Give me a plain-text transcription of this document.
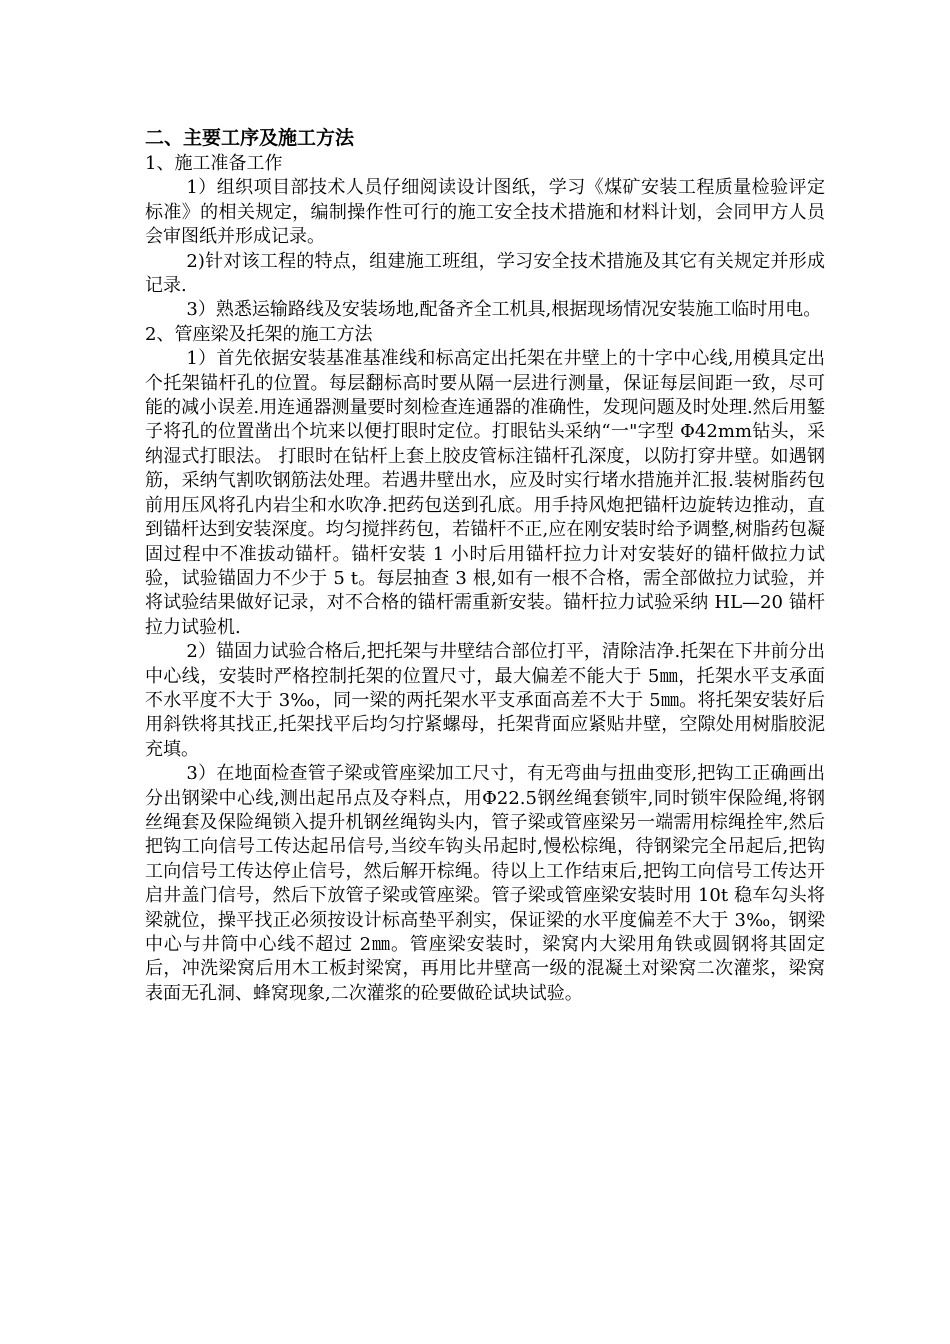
二、主要工序及施工方法

1、施工准备工作

1）组织项目部技术人员仔细阅读设计图纸，学习《煤矿安装工程质量检验评定标准》的相关规定，编制操作性可行的施工安全技术措施和材料计划，会同甲方人员会审图纸并形成记录。

2)针对该工程的特点，组建施工班组，学习安全技术措施及其它有关规定并形成记录.

3）熟悉运输路线及安装场地,配备齐全工机具,根据现场情况安装施工临时用电。

2、管座梁及托架的施工方法

1）首先依据安装基准基准线和标高定出托架在井壁上的十字中心线,用模具定出个托架锚杆孔的位置。每层翻标高时要从隔一层进行测量，保证每层间距一致，尽可能的减小误差.用连通器测量要时刻检查连通器的准确性，发现问题及时处理.然后用錾子将孔的位置凿出个坑来以便打眼时定位。打眼钻头采纳“一"字型 Φ42mm钻头，采纳湿式打眼法。 打眼时在钻杆上套上胶皮管标注锚杆孔深度，以防打穿井壁。如遇钢筋，采纳气割吹钢筋法处理。若遇井壁出水，应及时实行堵水措施并汇报.装树脂药包前用压风将孔内岩尘和水吹净.把药包送到孔底。用手持风炮把锚杆边旋转边推动，直到锚杆达到安装深度。均匀搅拌药包，若锚杆不正,应在刚安装时给予调整,树脂药包凝固过程中不准拔动锚杆。锚杆安装 1 小时后用锚杆拉力计对安装好的锚杆做拉力试验，试验锚固力不少于 5 t。每层抽查 3 根,如有一根不合格，需全部做拉力试验，并将试验结果做好记录，对不合格的锚杆需重新安装。锚杆拉力试验采纳 HL—20 锚杆拉力试验机.

2）锚固力试验合格后,把托架与井壁结合部位打平，清除洁净.托架在下井前分出中心线，安装时严格控制托架的位置尺寸，最大偏差不能大于 5㎜，托架水平支承面不水平度不大于 3‰，同一梁的两托架水平支承面高差不大于 5㎜。将托架安装好后用斜铁将其找正,托架找平后均匀拧紧螺母，托架背面应紧贴井壁，空隙处用树脂胶泥充填。

3）在地面检查管子梁或管座梁加工尺寸，有无弯曲与扭曲变形,把钩工正确画出分出钢梁中心线,测出起吊点及夺料点，用Φ22.5钢丝绳套锁牢,同时锁牢保险绳,将钢丝绳套及保险绳锁入提升机钢丝绳钩头内，管子梁或管座梁另一端需用棕绳拴牢,然后把钩工向信号工传达起吊信号,当绞车钩头吊起时,慢松棕绳，待钢梁完全吊起后,把钩工向信号工传达停止信号，然后解开棕绳。待以上工作结束后,把钩工向信号工传达开启井盖门信号，然后下放管子梁或管座梁。管子梁或管座梁安装时用 10t 稳车勾头将梁就位，操平找正必须按设计标高垫平刹实，保证梁的水平度偏差不大于 3‰，钢梁中心与井筒中心线不超过 2㎜。管座梁安装时，梁窝内大梁用角铁或圆钢将其固定后，冲洗梁窝后用木工板封梁窝，再用比井壁高一级的混凝土对梁窝二次灌浆，梁窝表面无孔洞、蜂窝现象,二次灌浆的砼要做砼试块试验。
